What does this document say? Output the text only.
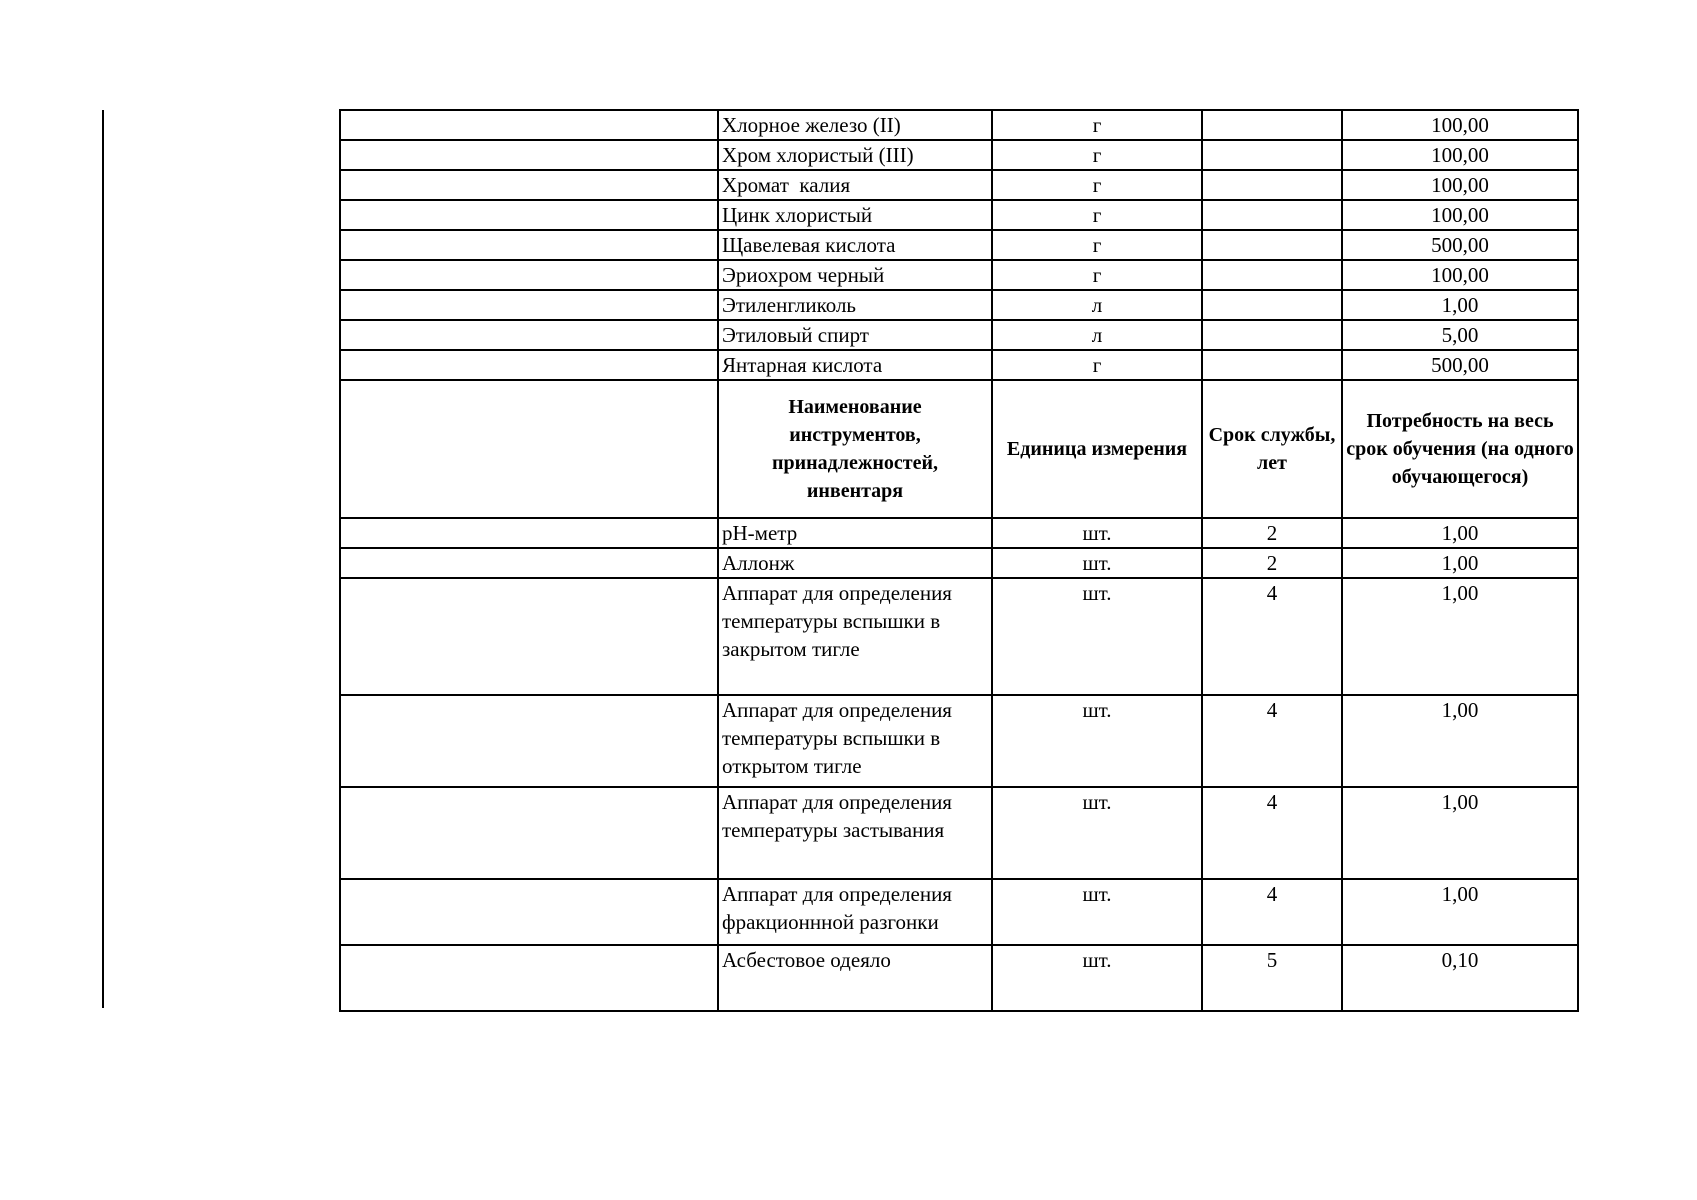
	Хлорное железо (II)	г		100,00
	Хром хлористый (III)	г		100,00
	Хромат  калия	г		100,00
	Цинк хлористый	г		100,00
	Щавелевая кислота	г		500,00
	Эриохром черный	г		100,00
	Этиленгликоль	л		1,00
	Этиловый спирт	л		5,00
	Янтарная кислота	г		500,00
	Наименование инструментов, принадлежностей, инвентаря	Единица измерения	Срок службы, лет	Потребность на весь срок обучения (на одного обучающегося)
	pH-метр	шт.	2	1,00
	Аллонж	шт.	2	1,00
	Аппарат для определения температуры вспышки в закрытом тигле	шт.	4	1,00
	Аппарат для определения температуры вспышки в открытом тигле	шт.	4	1,00
	Аппарат для определения температуры застывания	шт.	4	1,00
	Аппарат для определения фракционнной разгонки	шт.	4	1,00
	Асбестовое одеяло	шт.	5	0,10
